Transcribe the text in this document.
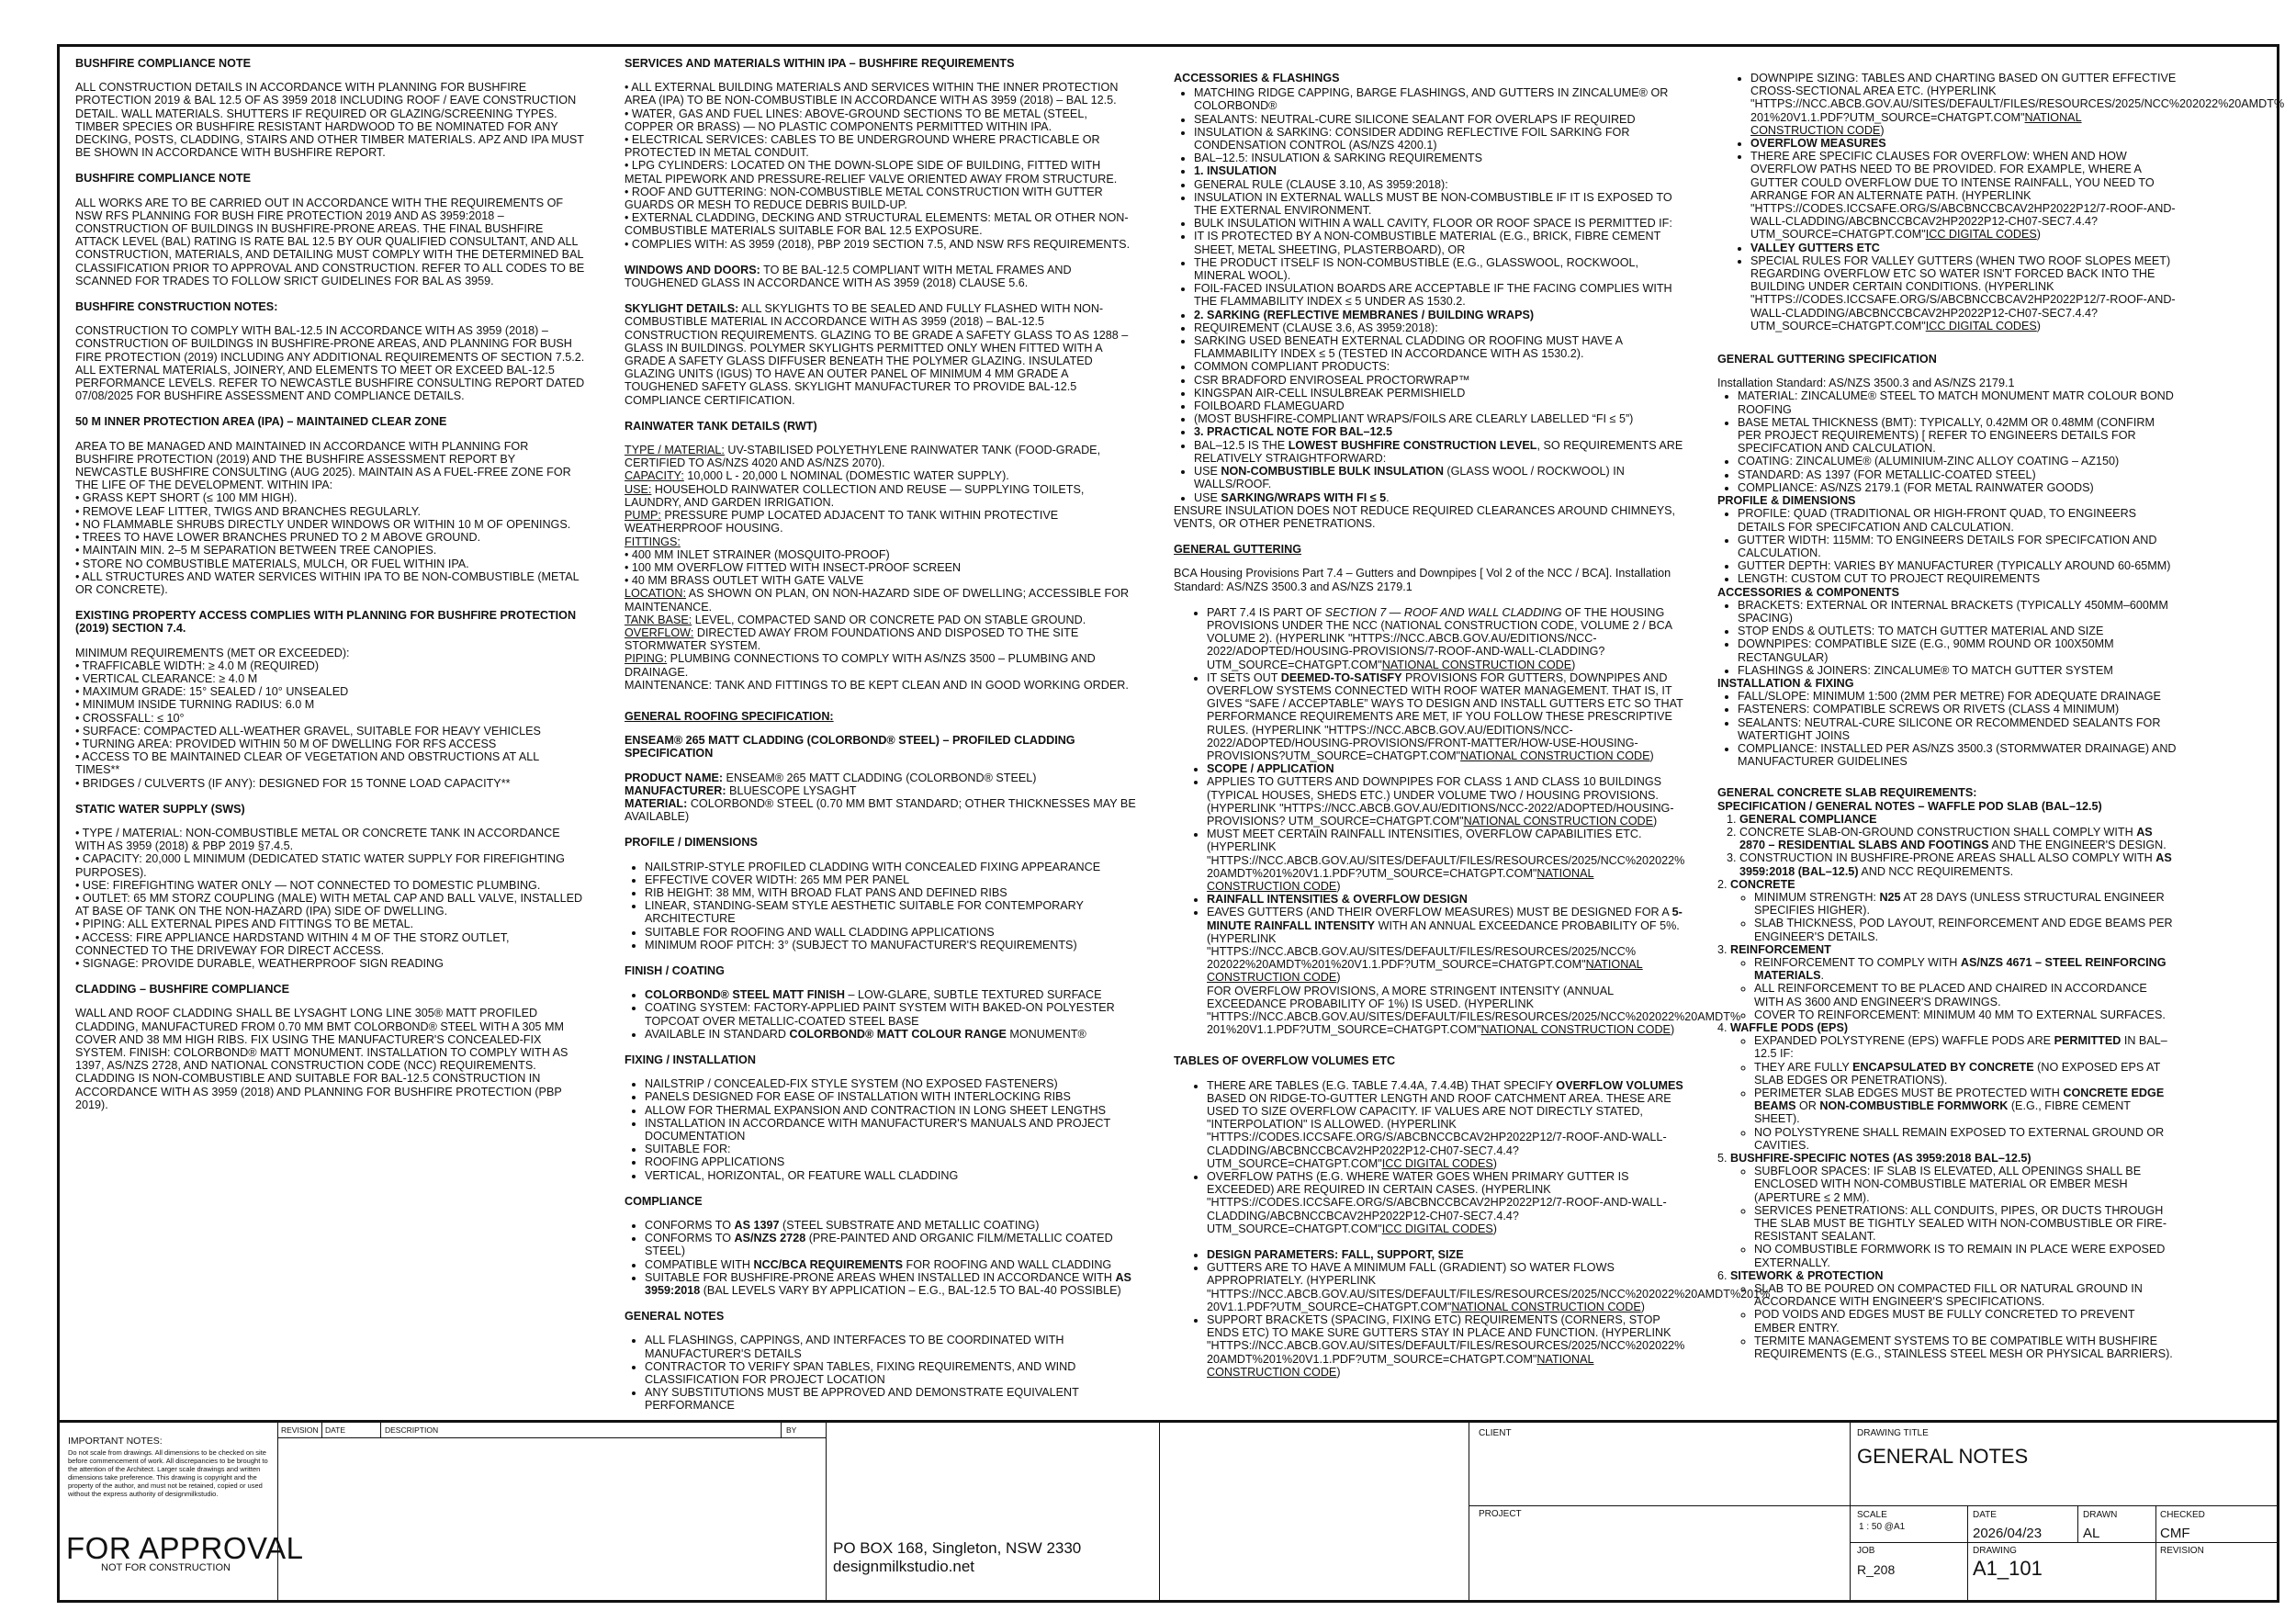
BUSHFIRE COMPLIANCE NOTE

ALL CONSTRUCTION DETAILS IN ACCORDANCE WITH PLANNING FOR BUSHFIRE PROTECTION 2019 & BAL 12.5 OF AS 3959 2018 INCLUDING ROOF / EAVE CONSTRUCTION DETAIL. WALL MATERIALS. SHUTTERS IF REQUIRED OR GLAZING/SCREENING TYPES. TIMBER SPECIES OR BUSHFIRE RESISTANT HARDWOOD TO BE NOMINATED FOR ANY DECKING, POSTS, CLADDING, STAIRS AND OTHER TIMBER MATERIALS. APZ AND IPA MUST BE SHOWN IN ACCORDANCE WITH BUSHFIRE REPORT.

BUSHFIRE COMPLIANCE NOTE

ALL WORKS ARE TO BE CARRIED OUT IN ACCORDANCE WITH THE REQUIREMENTS OF NSW RFS PLANNING FOR BUSH FIRE PROTECTION 2019 AND AS 3959:2018 – CONSTRUCTION OF BUILDINGS IN BUSHFIRE-PRONE AREAS. THE FINAL BUSHFIRE ATTACK LEVEL (BAL) RATING IS RATE BAL 12.5 BY OUR QUALIFIED CONSULTANT, AND ALL CONSTRUCTION, MATERIALS, AND DETAILING MUST COMPLY WITH THE DETERMINED BAL CLASSIFICATION PRIOR TO APPROVAL AND CONSTRUCTION. REFER TO ALL CODES TO BE SCANNED FOR TRADES TO FOLLOW SRICT GUIDELINES FOR BAL AS 3959.

BUSHFIRE CONSTRUCTION NOTES:

CONSTRUCTION TO COMPLY WITH BAL-12.5 IN ACCORDANCE WITH AS 3959 (2018) – CONSTRUCTION OF BUILDINGS IN BUSHFIRE-PRONE AREAS, AND PLANNING FOR BUSH FIRE PROTECTION (2019) INCLUDING ANY ADDITIONAL REQUIREMENTS OF SECTION 7.5.2. ALL EXTERNAL MATERIALS, JOINERY, AND ELEMENTS TO MEET OR EXCEED BAL-12.5 PERFORMANCE LEVELS. REFER TO NEWCASTLE BUSHFIRE CONSULTING REPORT DATED 07/08/2025 FOR BUSHFIRE ASSESSMENT AND COMPLIANCE DETAILS.

50 M INNER PROTECTION AREA (IPA) – MAINTAINED CLEAR ZONE
AREA TO BE MANAGED AND MAINTAINED IN ACCORDANCE WITH PLANNING FOR BUSHFIRE PROTECTION (2019) AND THE BUSHFIRE ASSESSMENT REPORT BY NEWCASTLE BUSHFIRE CONSULTING (AUG 2025). MAINTAIN AS A FUEL-FREE ZONE FOR THE LIFE OF THE DEVELOPMENT. WITHIN IPA:
• GRASS KEPT SHORT (≤ 100 MM HIGH).
• REMOVE LEAF LITTER, TWIGS AND BRANCHES REGULARLY.
• NO FLAMMABLE SHRUBS DIRECTLY UNDER WINDOWS OR WITHIN 10 M OF OPENINGS.
• TREES TO HAVE LOWER BRANCHES PRUNED TO 2 M ABOVE GROUND.
• MAINTAIN MIN. 2–5 M SEPARATION BETWEEN TREE CANOPIES.
• STORE NO COMBUSTIBLE MATERIALS, MULCH, OR FUEL WITHIN IPA.
• ALL STRUCTURES AND WATER SERVICES WITHIN IPA TO BE NON-COMBUSTIBLE (METAL OR CONCRETE).
EXISTING PROPERTY ACCESS COMPLIES WITH PLANNING FOR BUSHFIRE PROTECTION (2019) SECTION 7.4.
MINIMUM REQUIREMENTS (MET OR EXCEEDED):
• TRAFFICABLE WIDTH: ≥ 4.0 M (REQUIRED)
• VERTICAL CLEARANCE: ≥ 4.0 M
• MAXIMUM GRADE: 15° SEALED / 10° UNSEALED
• MINIMUM INSIDE TURNING RADIUS: 6.0 M
• CROSSFALL: ≤ 10°
• SURFACE: COMPACTED ALL-WEATHER GRAVEL, SUITABLE FOR HEAVY VEHICLES
• TURNING AREA: PROVIDED WITHIN 50 M OF DWELLING FOR RFS ACCESS
• ACCESS TO BE MAINTAINED CLEAR OF VEGETATION AND OBSTRUCTIONS AT ALL TIMES**
• BRIDGES / CULVERTS (IF ANY): DESIGNED FOR 15 TONNE LOAD CAPACITY**
STATIC WATER SUPPLY (SWS)
• TYPE / MATERIAL: NON-COMBUSTIBLE METAL OR CONCRETE TANK IN ACCORDANCE WITH AS 3959 (2018) & PBP 2019 §7.4.5.
• CAPACITY: 20,000 L MINIMUM (DEDICATED STATIC WATER SUPPLY FOR FIREFIGHTING PURPOSES).
• USE: FIREFIGHTING WATER ONLY — NOT CONNECTED TO DOMESTIC PLUMBING.
• OUTLET: 65 MM STORZ COUPLING (MALE) WITH METAL CAP AND BALL VALVE, INSTALLED AT BASE OF TANK ON THE NON-HAZARD (IPA) SIDE OF DWELLING.
• PIPING: ALL EXTERNAL PIPES AND FITTINGS TO BE METAL.
• ACCESS: FIRE APPLIANCE HARDSTAND WITHIN 4 M OF THE STORZ OUTLET, CONNECTED TO THE DRIVEWAY FOR DIRECT ACCESS.
• SIGNAGE: PROVIDE DURABLE, WEATHERPROOF SIGN READING
CLADDING – BUSHFIRE COMPLIANCE

WALL AND ROOF CLADDING SHALL BE LYSAGHT LONG LINE 305® MATT PROFILED CLADDING, MANUFACTURED FROM 0.70 MM BMT COLORBOND® STEEL WITH A 305 MM COVER AND 38 MM HIGH RIBS. FIX USING THE MANUFACTURER'S CONCEALED-FIX SYSTEM. FINISH: COLORBOND® MATT MONUMENT. INSTALLATION TO COMPLY WITH AS 1397, AS/NZS 2728, AND NATIONAL CONSTRUCTION CODE (NCC) REQUIREMENTS. CLADDING IS NON-COMBUSTIBLE AND SUITABLE FOR BAL-12.5 CONSTRUCTION IN ACCORDANCE WITH AS 3959 (2018) AND PLANNING FOR BUSHFIRE PROTECTION (PBP 2019).

SERVICES AND MATERIALS WITHIN IPA – BUSHFIRE REQUIREMENTS
• ALL EXTERNAL BUILDING MATERIALS AND SERVICES WITHIN THE INNER PROTECTION AREA (IPA) TO BE NON-COMBUSTIBLE IN ACCORDANCE WITH AS 3959 (2018) – BAL 12.5.
• WATER, GAS AND FUEL LINES: ABOVE-GROUND SECTIONS TO BE METAL (STEEL, COPPER OR BRASS) — NO PLASTIC COMPONENTS PERMITTED WITHIN IPA.
• ELECTRICAL SERVICES: CABLES TO BE UNDERGROUND WHERE PRACTICABLE OR PROTECTED IN METAL CONDUIT.
• LPG CYLINDERS: LOCATED ON THE DOWN-SLOPE SIDE OF BUILDING, FITTED WITH METAL PIPEWORK AND PRESSURE-RELIEF VALVE ORIENTED AWAY FROM STRUCTURE.
• ROOF AND GUTTERING: NON-COMBUSTIBLE METAL CONSTRUCTION WITH GUTTER GUARDS OR MESH TO REDUCE DEBRIS BUILD-UP.
• EXTERNAL CLADDING, DECKING AND STRUCTURAL ELEMENTS: METAL OR OTHER NON-COMBUSTIBLE MATERIALS SUITABLE FOR BAL 12.5 EXPOSURE.
• COMPLIES WITH: AS 3959 (2018), PBP 2019 SECTION 7.5, AND NSW RFS REQUIREMENTS.

WINDOWS AND DOORS: TO BE BAL-12.5 COMPLIANT WITH METAL FRAMES AND TOUGHENED GLASS IN ACCORDANCE WITH AS 3959 (2018) CLAUSE 5.6.

SKYLIGHT DETAILS: ALL SKYLIGHTS TO BE SEALED AND FULLY FLASHED WITH NON-COMBUSTIBLE MATERIAL IN ACCORDANCE WITH AS 3959 (2018) – BAL-12.5 CONSTRUCTION REQUIREMENTS. GLAZING TO BE GRADE A SAFETY GLASS TO AS 1288 – GLASS IN BUILDINGS. POLYMER SKYLIGHTS PERMITTED ONLY WHEN FITTED WITH A GRADE A SAFETY GLASS DIFFUSER BENEATH THE POLYMER GLAZING. INSULATED GLAZING UNITS (IGUS) TO HAVE AN OUTER PANEL OF MINIMUM 4 MM GRADE A TOUGHENED SAFETY GLASS. SKYLIGHT MANUFACTURER TO PROVIDE BAL-12.5 COMPLIANCE CERTIFICATION.

RAINWATER TANK DETAILS (RWT)
TYPE / MATERIAL: UV-STABILISED POLYETHYLENE RAINWATER TANK (FOOD-GRADE, CERTIFIED TO AS/NZS 4020 AND AS/NZS 2070).
CAPACITY: 10,000 L - 20,000 L NOMINAL (DOMESTIC WATER SUPPLY).
USE: HOUSEHOLD RAINWATER COLLECTION AND REUSE — SUPPLYING TOILETS, LAUNDRY, AND GARDEN IRRIGATION.
PUMP: PRESSURE PUMP LOCATED ADJACENT TO TANK WITHIN PROTECTIVE WEATHERPROOF HOUSING.
FITTINGS:
• 400 MM INLET STRAINER (MOSQUITO-PROOF)
• 100 MM OVERFLOW FITTED WITH INSECT-PROOF SCREEN
• 40 MM BRASS OUTLET WITH GATE VALVE
LOCATION: AS SHOWN ON PLAN, ON NON-HAZARD SIDE OF DWELLING; ACCESSIBLE FOR MAINTENANCE.
TANK BASE: LEVEL, COMPACTED SAND OR CONCRETE PAD ON STABLE GROUND.
OVERFLOW: DIRECTED AWAY FROM FOUNDATIONS AND DISPOSED TO THE SITE STORMWATER SYSTEM.
PIPING: PLUMBING CONNECTIONS TO COMPLY WITH AS/NZS 3500 – PLUMBING AND DRAINAGE.
MAINTENANCE: TANK AND FITTINGS TO BE KEPT CLEAN AND IN GOOD WORKING ORDER.
GENERAL ROOFING SPECIFICATION:
ENSEAM® 265 MATT CLADDING (COLORBOND® STEEL) – PROFILED CLADDING SPECIFICATION

PRODUCT NAME: ENSEAM® 265 MATT CLADDING (COLORBOND® STEEL)
MANUFACTURER: BLUESCOPE LYSAGHT
MATERIAL: COLORBOND® STEEL (0.70 MM BMT STANDARD; OTHER THICKNESSES MAY BE AVAILABLE)

PROFILE / DIMENSIONS
• NAILSTRIP-STYLE PROFILED CLADDING WITH CONCEALED FIXING APPEARANCE
• EFFECTIVE COVER WIDTH: 265 MM PER PANEL
• RIB HEIGHT: 38 MM, WITH BROAD FLAT PANS AND DEFINED RIBS
• LINEAR, STANDING-SEAM STYLE AESTHETIC SUITABLE FOR CONTEMPORARY ARCHITECTURE
• SUITABLE FOR ROOFING AND WALL CLADDING APPLICATIONS
• MINIMUM ROOF PITCH: 3° (SUBJECT TO MANUFACTURER'S REQUIREMENTS)
FINISH / COATING
• COLORBOND® STEEL MATT FINISH – LOW-GLARE, SUBTLE TEXTURED SURFACE
• COATING SYSTEM: FACTORY-APPLIED PAINT SYSTEM WITH BAKED-ON POLYESTER TOPCOAT OVER METALLIC-COATED STEEL BASE
• AVAILABLE IN STANDARD COLORBOND® MATT COLOUR RANGE MONUMENT®
FIXING / INSTALLATION
• NAILSTRIP / CONCEALED-FIX STYLE SYSTEM (NO EXPOSED FASTENERS)
• PANELS DESIGNED FOR EASE OF INSTALLATION WITH INTERLOCKING RIBS
• ALLOW FOR THERMAL EXPANSION AND CONTRACTION IN LONG SHEET LENGTHS
• INSTALLATION IN ACCORDANCE WITH MANUFACTURER'S MANUALS AND PROJECT DOCUMENTATION
• SUITABLE FOR:
• ROOFING APPLICATIONS
• VERTICAL, HORIZONTAL, OR FEATURE WALL CLADDING
COMPLIANCE
• CONFORMS TO AS 1397 (STEEL SUBSTRATE AND METALLIC COATING)
• CONFORMS TO AS/NZS 2728 (PRE-PAINTED AND ORGANIC FILM/METALLIC COATED STEEL)
• COMPATIBLE WITH NCC/BCA REQUIREMENTS FOR ROOFING AND WALL CLADDING
• SUITABLE FOR BUSHFIRE-PRONE AREAS WHEN INSTALLED IN ACCORDANCE WITH AS 3959:2018 (BAL LEVELS VARY BY APPLICATION – E.G., BAL-12.5 TO BAL-40 POSSIBLE)
GENERAL NOTES
• ALL FLASHINGS, CAPPINGS, AND INTERFACES TO BE COORDINATED WITH MANUFACTURER'S DETAILS
• CONTRACTOR TO VERIFY SPAN TABLES, FIXING REQUIREMENTS, AND WIND CLASSIFICATION FOR PROJECT LOCATION
• ANY SUBSTITUTIONS MUST BE APPROVED AND DEMONSTRATE EQUIVALENT PERFORMANCE
ACCESSORIES & FLASHINGS
• MATCHING RIDGE CAPPING, BARGE FLASHINGS, AND GUTTERS IN ZINCALUME® OR COLORBOND®
• SEALANTS: NEUTRAL-CURE SILICONE SEALANT FOR OVERLAPS IF REQUIRED
• INSULATION & SARKING: CONSIDER ADDING REFLECTIVE FOIL SARKING FOR CONDENSATION CONTROL (AS/NZS 4200.1)
• BAL–12.5: INSULATION & SARKING REQUIREMENTS
• 1. INSULATION
• GENERAL RULE (CLAUSE 3.10, AS 3959:2018):
• INSULATION IN EXTERNAL WALLS MUST BE NON-COMBUSTIBLE IF IT IS EXPOSED TO THE EXTERNAL ENVIRONMENT.
• BULK INSULATION WITHIN A WALL CAVITY, FLOOR OR ROOF SPACE IS PERMITTED IF:
• IT IS PROTECTED BY A NON-COMBUSTIBLE MATERIAL (E.G., BRICK, FIBRE CEMENT SHEET, METAL SHEETING, PLASTERBOARD), OR
• THE PRODUCT ITSELF IS NON-COMBUSTIBLE (E.G., GLASSWOOL, ROCKWOOL, MINERAL WOOL).
• FOIL-FACED INSULATION BOARDS ARE ACCEPTABLE IF THE FACING COMPLIES WITH THE FLAMMABILITY INDEX ≤ 5 UNDER AS 1530.2.
• 2. SARKING (REFLECTIVE MEMBRANES / BUILDING WRAPS)
• REQUIREMENT (CLAUSE 3.6, AS 3959:2018):
• SARKING USED BENEATH EXTERNAL CLADDING OR ROOFING MUST HAVE A FLAMMABILITY INDEX ≤ 5 (TESTED IN ACCORDANCE WITH AS 1530.2).
• COMMON COMPLIANT PRODUCTS:
• CSR BRADFORD ENVIROSEAL PROCTORWRAP™
• KINGSPAN AIR-CELL INSULBREAK PERMISHIELD
• FOILBOARD FLAMEGUARD
• (MOST BUSHFIRE-COMPLIANT WRAPS/FOILS ARE CLEARLY LABELLED “FI ≤ 5”)
• 3. PRACTICAL NOTE FOR BAL–12.5
• BAL–12.5 IS THE LOWEST BUSHFIRE CONSTRUCTION LEVEL, SO REQUIREMENTS ARE RELATIVELY STRAIGHTFORWARD:
• USE NON-COMBUSTIBLE BULK INSULATION (GLASS WOOL / ROCKWOOL) IN WALLS/ROOF.
• USE SARKING/WRAPS WITH FI ≤ 5.

ENSURE INSULATION DOES NOT REDUCE REQUIRED CLEARANCES AROUND CHIMNEYS, VENTS, OR OTHER PENETRATIONS.

GENERAL GUTTERING

BCA Housing Provisions Part 7.4 – Gutters and Downpipes [ Vol 2 of the NCC / BCA]. Installation Standard: AS/NZS 3500.3 and AS/NZS 2179.1

• PART 7.4 IS PART OF SECTION 7 — ROOF AND WALL CLADDING OF THE HOUSING PROVISIONS UNDER THE NCC (NATIONAL CONSTRUCTION CODE, VOLUME 2 / BCA VOLUME 2). (HYPERLINK "HTTPS://NCC.ABCB.GOV.AU/EDITIONS/NCC-2022/ADOPTED/HOUSING-PROVISIONS/7-ROOF-AND-WALL-CLADDING?UTM_SOURCE=CHATGPT.COM"NATIONAL CONSTRUCTION CODE)
• IT SETS OUT DEEMED-TO-SATISFY PROVISIONS FOR GUTTERS, DOWNPIPES AND OVERFLOW SYSTEMS CONNECTED WITH ROOF WATER MANAGEMENT. THAT IS, IT GIVES “SAFE / ACCEPTABLE” WAYS TO DESIGN AND INSTALL GUTTERS ETC SO THAT PERFORMANCE REQUIREMENTS ARE MET, IF YOU FOLLOW THESE PRESCRIPTIVE RULES. (HYPERLINK "HTTPS://NCC.ABCB.GOV.AU/EDITIONS/NCC-2022/ADOPTED/HOUSING-PROVISIONS/FRONT-MATTER/HOW-USE-HOUSING-PROVISIONS?UTM_SOURCE=CHATGPT.COM"NATIONAL CONSTRUCTION CODE)
• SCOPE / APPLICATION
• APPLIES TO GUTTERS AND DOWNPIPES FOR CLASS 1 AND CLASS 10 BUILDINGS (TYPICAL HOUSES, SHEDS ETC.) UNDER VOLUME TWO / HOUSING PROVISIONS. (HYPERLINK "HTTPS://NCC.ABCB.GOV.AU/EDITIONS/NCC-2022/ADOPTED/HOUSING-PROVISIONS? UTM_SOURCE=CHATGPT.COM"NATIONAL CONSTRUCTION CODE)
• MUST MEET CERTAIN RAINFALL INTENSITIES, OVERFLOW CAPABILITIES ETC. (HYPERLINK "HTTPS://NCC.ABCB.GOV.AU/SITES/DEFAULT/FILES/RESOURCES/2025/NCC%202022% 20AMDT%201%20V1.1.PDF?UTM_SOURCE=CHATGPT.COM"NATIONAL CONSTRUCTION CODE)
• RAINFALL INTENSITIES & OVERFLOW DESIGN
• EAVES GUTTERS (AND THEIR OVERFLOW MEASURES) MUST BE DESIGNED FOR A 5-MINUTE RAINFALL INTENSITY WITH AN ANNUAL EXCEEDANCE PROBABILITY OF 5%. (HYPERLINK "HTTPS://NCC.ABCB.GOV.AU/SITES/DEFAULT/FILES/RESOURCES/2025/NCC% 202022%20AMDT%201%20V1.1.PDF?UTM_SOURCE=CHATGPT.COM"NATIONAL CONSTRUCTION CODE)
FOR OVERFLOW PROVISIONS, A MORE STRINGENT INTENSITY (ANNUAL EXCEEDANCE PROBABILITY OF 1%) IS USED. (HYPERLINK "HTTPS://NCC.ABCB.GOV.AU/SITES/DEFAULT/FILES/RESOURCES/2025/NCC%202022%20AMDT% 201%20V1.1.PDF?UTM_SOURCE=CHATGPT.COM"NATIONAL CONSTRUCTION CODE)
TABLES OF OVERFLOW VOLUMES ETC
• THERE ARE TABLES (E.G. TABLE 7.4.4A, 7.4.4B) THAT SPECIFY OVERFLOW VOLUMES BASED ON RIDGE-TO-GUTTER LENGTH AND ROOF CATCHMENT AREA. THESE ARE USED TO SIZE OVERFLOW CAPACITY. IF VALUES ARE NOT DIRECTLY STATED, "INTERPOLATION" IS ALLOWED. (HYPERLINK "HTTPS://CODES.ICCSAFE.ORG/S/ABCBNCCBCAV2HP2022P12/7-ROOF-AND-WALL-CLADDING/ABCBNCCBCAV2HP2022P12-CH07-SEC7.4.4?UTM_SOURCE=CHATGPT.COM"ICC DIGITAL CODES)
• OVERFLOW PATHS (E.G. WHERE WATER GOES WHEN PRIMARY GUTTER IS EXCEEDED) ARE REQUIRED IN CERTAIN CASES. (HYPERLINK "HTTPS://CODES.ICCSAFE.ORG/S/ABCBNCCBCAV2HP2022P12/7-ROOF-AND-WALL-CLADDING/ABCBNCCBCAV2HP2022P12-CH07-SEC7.4.4?UTM_SOURCE=CHATGPT.COM"ICC DIGITAL CODES)
• DESIGN PARAMETERS: FALL, SUPPORT, SIZE
• GUTTERS ARE TO HAVE A MINIMUM FALL (GRADIENT) SO WATER FLOWS APPROPRIATELY. (HYPERLINK "HTTPS://NCC.ABCB.GOV.AU/SITES/DEFAULT/FILES/RESOURCES/2025/NCC%202022%20AMDT%201% 20V1.1.PDF?UTM_SOURCE=CHATGPT.COM"NATIONAL CONSTRUCTION CODE)
• SUPPORT BRACKETS (SPACING, FIXING ETC) REQUIREMENTS (CORNERS, STOP ENDS ETC) TO MAKE SURE GUTTERS STAY IN PLACE AND FUNCTION. (HYPERLINK "HTTPS://NCC.ABCB.GOV.AU/SITES/DEFAULT/FILES/RESOURCES/2025/NCC%202022% 20AMDT%201%20V1.1.PDF?UTM_SOURCE=CHATGPT.COM"NATIONAL CONSTRUCTION CODE)
• DOWNPIPE SIZING: TABLES AND CHARTING BASED ON GUTTER EFFECTIVE CROSS-SECTIONAL AREA ETC. (HYPERLINK "HTTPS://NCC.ABCB.GOV.AU/SITES/DEFAULT/FILES/RESOURCES/2025/NCC%202022%20AMDT% 201%20V1.1.PDF?UTM_SOURCE=CHATGPT.COM"NATIONAL CONSTRUCTION CODE)
• OVERFLOW MEASURES
• THERE ARE SPECIFIC CLAUSES FOR OVERFLOW: WHEN AND HOW OVERFLOW PATHS NEED TO BE PROVIDED. FOR EXAMPLE, WHERE A GUTTER COULD OVERFLOW DUE TO INTENSE RAINFALL, YOU NEED TO ARRANGE FOR AN ALTERNATE PATH. (HYPERLINK "HTTPS://CODES.ICCSAFE.ORG/S/ABCBNCCBCAV2HP2022P12/7-ROOF-AND-WALL-CLADDING/ABCBNCCBCAV2HP2022P12-CH07-SEC7.4.4?UTM_SOURCE=CHATGPT.COM"ICC DIGITAL CODES)
• VALLEY GUTTERS ETC
• SPECIAL RULES FOR VALLEY GUTTERS (WHEN TWO ROOF SLOPES MEET) REGARDING OVERFLOW ETC SO WATER ISN'T FORCED BACK INTO THE BUILDING UNDER CERTAIN CONDITIONS. (HYPERLINK "HTTPS://CODES.ICCSAFE.ORG/S/ABCBNCCBCAV2HP2022P12/7-ROOF-AND-WALL-CLADDING/ABCBNCCBCAV2HP2022P12-CH07-SEC7.4.4?UTM_SOURCE=CHATGPT.COM"ICC DIGITAL CODES)
GENERAL GUTTERING SPECIFICATION

Installation Standard: AS/NZS 3500.3 and AS/NZS 2179.1

• MATERIAL: ZINCALUME® STEEL TO MATCH MONUMENT MATR COLOUR BOND ROOFING
• BASE METAL THICKNESS (BMT): TYPICALLY, 0.42MM OR 0.48MM (CONFIRM PER PROJECT REQUIREMENTS) [ REFER TO ENGINEERS DETAILS FOR SPECIFCATION AND CALCULATION.
• COATING: ZINCALUME® (ALUMINIUM-ZINC ALLOY COATING – AZ150)
• STANDARD: AS 1397 (FOR METALLIC-COATED STEEL)
• COMPLIANCE: AS/NZS 2179.1 (FOR METAL RAINWATER GOODS)
PROFILE & DIMENSIONS
• PROFILE: QUAD (TRADITIONAL OR HIGH-FRONT QUAD, TO ENGINEERS DETAILS FOR SPECIFCATION AND CALCULATION.
• GUTTER WIDTH: 115MM: TO ENGINEERS DETAILS FOR SPECIFCATION AND CALCULATION.
• GUTTER DEPTH: VARIES BY MANUFACTURER (TYPICALLY AROUND 60-65MM)
• LENGTH: CUSTOM CUT TO PROJECT REQUIREMENTS
ACCESSORIES & COMPONENTS
• BRACKETS: EXTERNAL OR INTERNAL BRACKETS (TYPICALLY 450MM–600MM SPACING)
• STOP ENDS & OUTLETS: TO MATCH GUTTER MATERIAL AND SIZE
• DOWNPIPES: COMPATIBLE SIZE (E.G., 90MM ROUND OR 100X50MM RECTANGULAR)
• FLASHINGS & JOINERS: ZINCALUME® TO MATCH GUTTER SYSTEM
INSTALLATION & FIXING
• FALL/SLOPE: MINIMUM 1:500 (2MM PER METRE) FOR ADEQUATE DRAINAGE
• FASTENERS: COMPATIBLE SCREWS OR RIVETS (CLASS 4 MINIMUM)
• SEALANTS: NEUTRAL-CURE SILICONE OR RECOMMENDED SEALANTS FOR WATERTIGHT JOINS
• COMPLIANCE: INSTALLED PER AS/NZS 3500.3 (STORMWATER DRAINAGE) AND MANUFACTURER GUIDELINES
GENERAL CONCRETE SLAB REQUIREMENTS:
SPECIFICATION / GENERAL NOTES – WAFFLE POD SLAB (BAL–12.5)
1. GENERAL COMPLIANCE
2. CONCRETE SLAB-ON-GROUND CONSTRUCTION SHALL COMPLY WITH AS 2870 – RESIDENTIAL SLABS AND FOOTINGS AND THE ENGINEER'S DESIGN.
3. CONSTRUCTION IN BUSHFIRE-PRONE AREAS SHALL ALSO COMPLY WITH AS 3959:2018 (BAL–12.5) AND NCC REQUIREMENTS.
2. CONCRETE
◦ MINIMUM STRENGTH: N25 AT 28 DAYS (UNLESS STRUCTURAL ENGINEER SPECIFIES HIGHER).
◦ SLAB THICKNESS, POD LAYOUT, REINFORCEMENT AND EDGE BEAMS PER ENGINEER'S DETAILS.
3. REINFORCEMENT
◦ REINFORCEMENT TO COMPLY WITH AS/NZS 4671 – STEEL REINFORCING MATERIALS.
◦ ALL REINFORCEMENT TO BE PLACED AND CHAIRED IN ACCORDANCE WITH AS 3600 AND ENGINEER'S DRAWINGS.
◦ COVER TO REINFORCEMENT: MINIMUM 40 MM TO EXTERNAL SURFACES.
4. WAFFLE PODS (EPS)
◦ EXPANDED POLYSTYRENE (EPS) WAFFLE PODS ARE PERMITTED IN BAL–12.5 IF:
◦ THEY ARE FULLY ENCAPSULATED BY CONCRETE (NO EXPOSED EPS AT SLAB EDGES OR PENETRATIONS).
◦ PERIMETER SLAB EDGES MUST BE PROTECTED WITH CONCRETE EDGE BEAMS OR NON-COMBUSTIBLE FORMWORK (E.G., FIBRE CEMENT SHEET).
◦ NO POLYSTYRENE SHALL REMAIN EXPOSED TO EXTERNAL GROUND OR CAVITIES.
5. BUSHFIRE-SPECIFIC NOTES (AS 3959:2018 BAL–12.5)
◦ SUBFLOOR SPACES: IF SLAB IS ELEVATED, ALL OPENINGS SHALL BE ENCLOSED WITH NON-COMBUSTIBLE MATERIAL OR EMBER MESH (APERTURE ≤ 2 MM).
◦ SERVICES PENETRATIONS: ALL CONDUITS, PIPES, OR DUCTS THROUGH THE SLAB MUST BE TIGHTLY SEALED WITH NON-COMBUSTIBLE OR FIRE-RESISTANT SEALANT.
◦ NO COMBUSTIBLE FORMWORK IS TO REMAIN IN PLACE WERE EXPOSED EXTERNALLY.
6. SITEWORK & PROTECTION
◦ SLAB TO BE POURED ON COMPACTED FILL OR NATURAL GROUND IN ACCORDANCE WITH ENGINEER'S SPECIFICATIONS.
◦ POD VOIDS AND EDGES MUST BE FULLY CONCRETED TO PREVENT EMBER ENTRY.
◦ TERMITE MANAGEMENT SYSTEMS TO BE COMPATIBLE WITH BUSHFIRE REQUIREMENTS (E.G., STAINLESS STEEL MESH OR PHYSICAL BARRIERS).
IMPORTANT NOTES:
Do not scale from drawings. All dimensions to be checked on site before commencement of work. All discrepancies to be brought to the attention of the Architect. Larger scale drawings and written dimensions take preference. This drawing is copyright and the property of the author, and must not be retained, copied or used without the express authority of designmilkstudio.
FOR APPROVAL
NOT FOR CONSTRUCTION
REVISION DATE	DESCRIPTION	BY
PO BOX 168, Singleton, NSW 2330
designmilkstudio.net
CLIENT
PROJECT
DRAWING TITLE
GENERAL NOTES
SCALE
1 : 50 @A1
DATE
2026/04/23
DRAWN
AL
CHECKED
CMF
JOB
R_208
DRAWING
A1_101
REVISION
